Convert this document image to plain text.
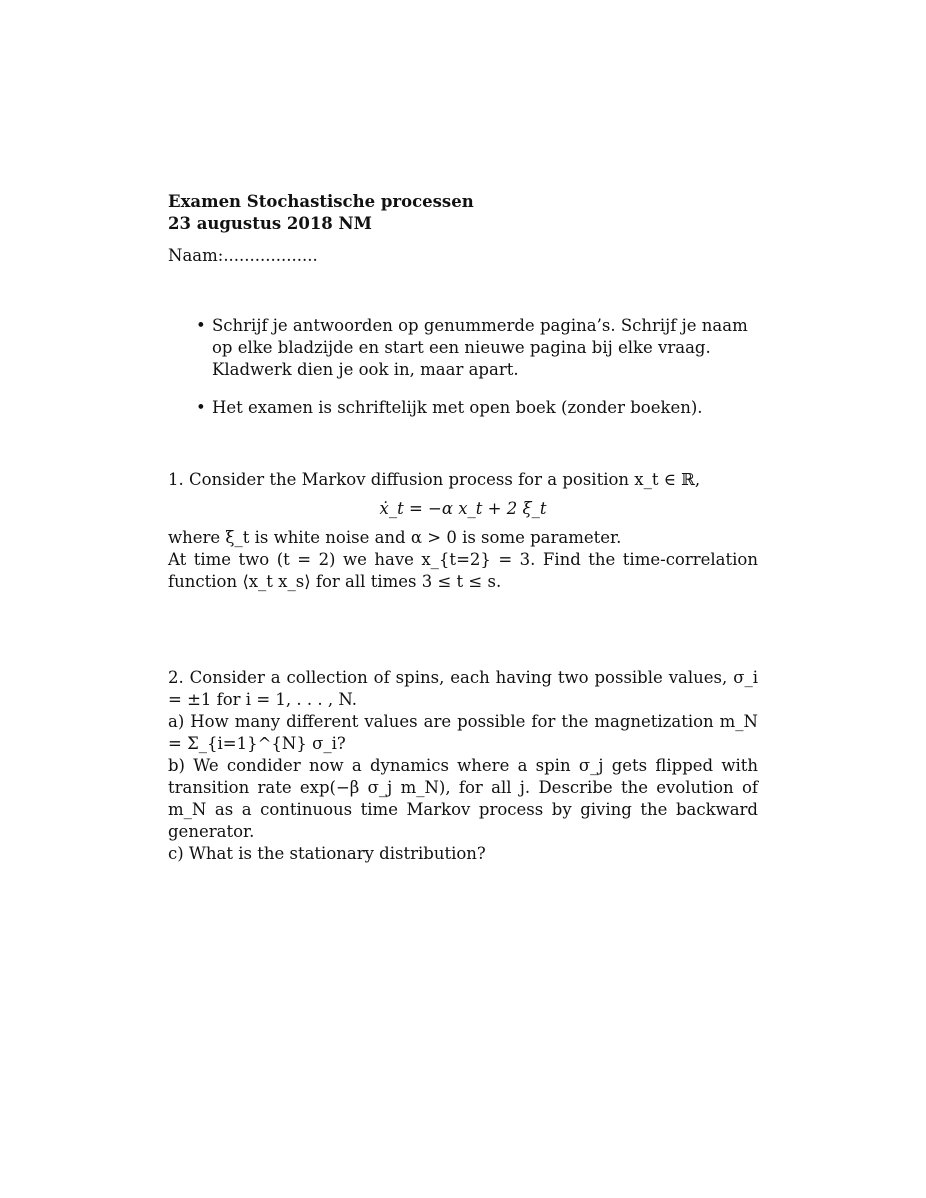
Examen Stochastische processen
23 augustus 2018 NM
Naam:..................
• Schrijf je antwoorden op genummerde pagina’s. Schrijf je naam op elke bladzijde en start een nieuwe pagina bij elke vraag. Kladwerk dien je ook in, maar apart.
• Het examen is schriftelijk met open boek (zonder boeken).
1. Consider the Markov diffusion process for a position x_t ∈ ℝ,
ẋ_t = −α x_t + 2 ξ_t
where ξ_t is white noise and α > 0 is some parameter.
At time two (t = 2) we have x_{t=2} = 3. Find the time-correlation function ⟨x_t x_s⟩ for all times 3 ≤ t ≤ s.
2. Consider a collection of spins, each having two possible values, σ_i = ±1 for i = 1, . . . , N.
a) How many different values are possible for the magnetization m_N = Σ_{i=1}^{N} σ_i?
b) We condider now a dynamics where a spin σ_j gets flipped with transition rate exp(−β σ_j m_N), for all j. Describe the evolution of m_N as a continuous time Markov process by giving the backward generator.
c) What is the stationary distribution?
